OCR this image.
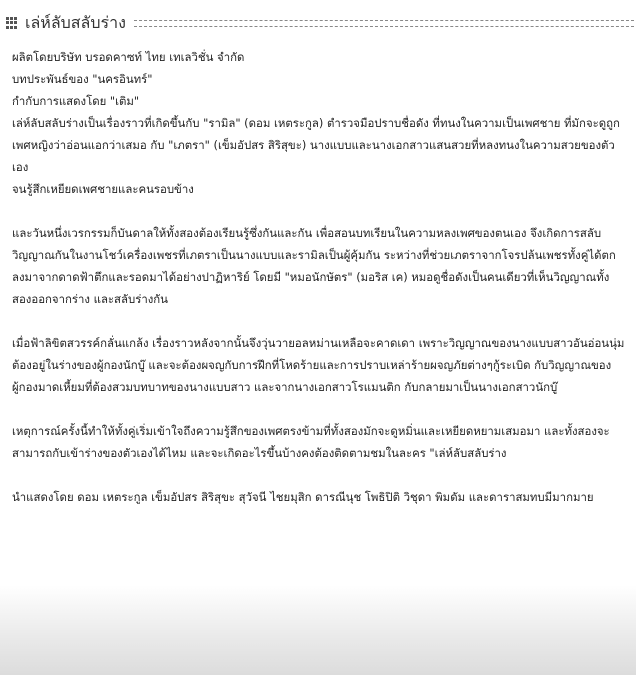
เล่ห์ลับสลับร่าง

ผลิตโดยบริษัท บรอดคาซท์ ไทย เทเลวิชั่น จำกัด

บทประพันธ์ของ "นครอินทร์"

กำกับการแสดงโดย "เติม"

เล่ห์ลับสลับร่างเป็นเรื่องราวที่เกิดขึ้นกับ "รามิล" (ดอม เหตระกูล) ตำรวจมือปราบชื่อดัง ที่ทนงในความเป็นเพศชาย ที่มักจะดูถูก

เพศหญิงว่าอ่อนแอกว่าเสมอ กับ "เภตรา" (เข็มอัปสร สิริสุขะ) นางแบบและนางเอกสาวแสนสวยที่หลงทนงในความสวยของตัวเอง

จนรู้สึกเหยียดเพศชายและคนรอบข้าง

และวันหนึ่งเวรกรรมก็บันดาลให้ทั้งสองต้องเรียนรู้ซึ่งกันและกัน เพื่อสอนบทเรียนในความหลงเพศของตนเอง จึงเกิดการสลับ

วิญญาณกันในงานโชว์เครื่องเพชรที่เภตราเป็นนางแบบและรามิลเป็นผู้คุ้มกัน ระหว่างที่ช่วยเภตราจากโจรปล้นเพชรทั้งคู่ได้ตก

ลงมาจากดาดฟ้าตึกและรอดมาได้อย่างปาฏิหาริย์ โดยมี "หมอนักษัตร" (มอริส เค) หมอดูชื่อดังเป็นคนเดียวที่เห็นวิญญาณทั้ง

สองออกจากร่าง และสลับร่างกัน

เมื่อฟ้าลิขิตสวรรค์กลั่นแกล้ง เรื่องราวหลังจากนั้นจึงวุ่นวายอลหม่านเหลือจะคาดเดา เพราะวิญญาณของนางแบบสาวอันอ่อนนุ่ม

ต้องอยู่ในร่างของผู้กองนักบู๊ และจะต้องผจญกับการฝึกที่โหดร้ายและการปราบเหล่าร้ายผจญภัยต่างๆกู้ระเบิด กับวิญญาณของ

ผู้กองมาดเหี้ยมที่ต้องสวมบทบาทของนางแบบสาว และจากนางเอกสาวโรแมนติก กับกลายมาเป็นนางเอกสาวนักบู๊

เหตุการณ์ครั้งนี้ทำให้ทั้งคู่เริ่มเข้าใจถึงความรู้สึกของเพศตรงข้ามที่ทั้งสองมักจะดูหมิ่นและเหยียดหยามเสมอมา และทั้งสองจะ

สามารถกับเข้าร่างของตัวเองได้ไหม และจะเกิดอะไรขึ้นบ้างคงต้องติดตามชมในละคร "เล่ห์ลับสลับร่าง

นำแสดงโดย ดอม เหตระกูล เข็มอัปสร สิริสุขะ สุวัจนี ไชยมุสิก ดารณีนุช โพธิปิติ วิชุดา พิมดัม และดาราสมทบมีมากมาย
